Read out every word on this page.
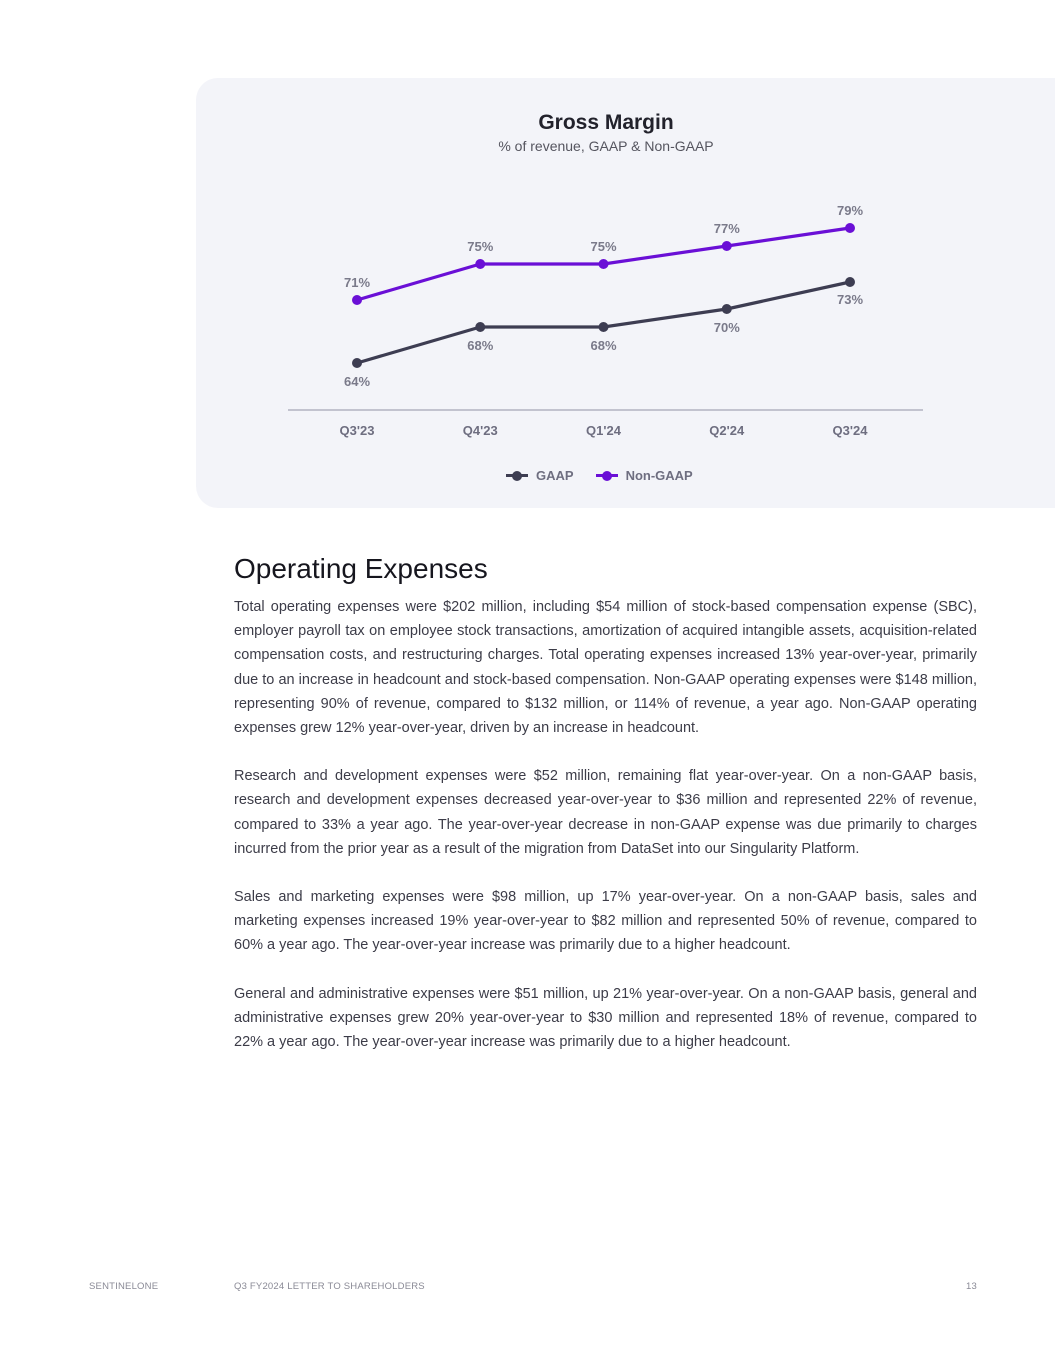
Gross Margin
% of revenue, GAAP & Non-GAAP
Q3'23	Q4'23	Q1'24	Q2'24	Q3'24
64%
68%	68%
70%
73%
71%
75%	75%
77%
79%
GAAP	Non-GAAP
Operating Expenses

Total operating expenses were $202 million, including $54 million of stock-based compensation expense (SBC), employer payroll tax on employee stock transactions, amortization of acquired intangible assets, acquisition-related compensation costs, and restructuring charges. Total operating expenses increased 13% year-over-year, primarily due to an increase in headcount and stock-based compensation. Non-GAAP operating expenses were $148 million, representing 90% of revenue, compared to $132 million, or 114% of revenue, a year ago. Non-GAAP operating expenses grew 12% year-over-year, driven by an increase in headcount.

Research and development expenses were $52 million, remaining flat year-over-year. On a non-GAAP basis, research and development expenses decreased year-over-year to $36 million and represented 22% of revenue, compared to 33% a year ago. The year-over-year decrease in non-GAAP expense was due primarily to charges incurred from the prior year as a result of the migration from DataSet into our Singularity Platform.

Sales and marketing expenses were $98 million, up 17% year-over-year. On a non-GAAP basis, sales and marketing expenses increased 19% year-over-year to $82 million and represented 50% of revenue, compared to 60% a year ago. The year-over-year increase was primarily due to a higher headcount.

General and administrative expenses were $51 million, up 21% year-over-year. On a non-GAAP basis, general and administrative expenses grew 20% year-over-year to $30 million and represented 18% of revenue, compared to 22% a year ago. The year-over-year increase was primarily due to a higher headcount.

SENTINELONE	Q3 FY2024 LETTER TO SHAREHOLDERS	13
